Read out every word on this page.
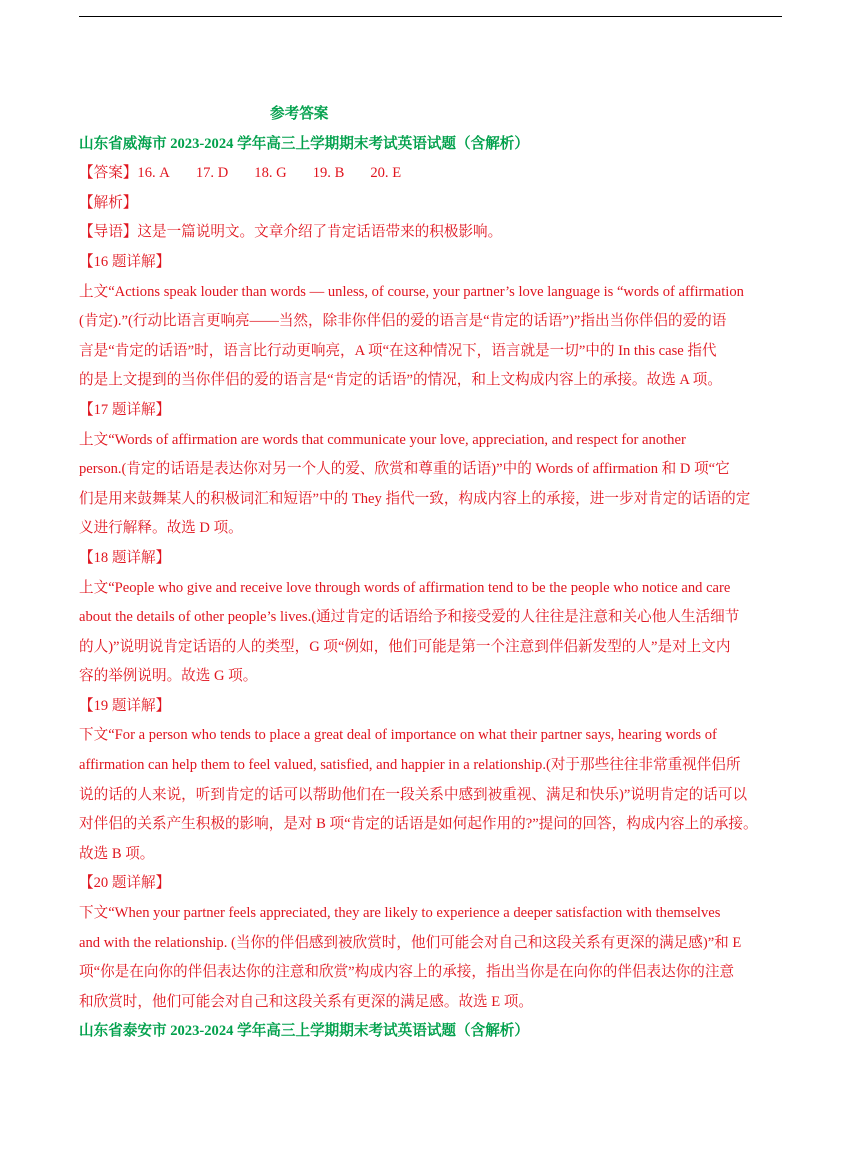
参考答案
山东省威海市 2023-2024 学年高三上学期期末考试英语试题（含解析）
【答案】16. A 17. D 18. G 19. B 20. E
【解析】
【导语】这是一篇说明文。文章介绍了肯定话语带来的积极影响。
【16 题详解】
上文“Actions speak louder than words — unless, of course, your partner’s love language is “words of affirmation
(肯定).”(行动比语言更响亮——当然，除非你伴侣的爱的语言是“肯定的话语”)”指出当你伴侣的爱的语
言是“肯定的话语”时，语言比行动更响亮，A 项“在这种情况下，语言就是一切”中的 In this case 指代
的是上文提到的当你伴侣的爱的语言是“肯定的话语”的情况，和上文构成内容上的承接。故选 A 项。
【17 题详解】
上文“Words of affirmation are words that communicate your love, appreciation, and respect for another
person.(肯定的话语是表达你对另一个人的爱、欣赏和尊重的话语)”中的 Words of affirmation 和 D 项“它
们是用来鼓舞某人的积极词汇和短语”中的 They 指代一致，构成内容上的承接，进一步对肯定的话语的定
义进行解释。故选 D 项。
【18 题详解】
上文“People who give and receive love through words of affirmation tend to be the people who notice and care
about the details of other people’s lives.(通过肯定的话语给予和接受爱的人往往是注意和关心他人生活细节
的人)”说明说肯定话语的人的类型，G 项“例如，他们可能是第一个注意到伴侣新发型的人”是对上文内
容的举例说明。故选 G 项。
【19 题详解】
下文“For a person who tends to place a great deal of importance on what their partner says, hearing words of
affirmation can help them to feel valued, satisfied, and happier in a relationship.(对于那些往往非常重视伴侣所
说的话的人来说，听到肯定的话可以帮助他们在一段关系中感到被重视、满足和快乐)”说明肯定的话可以
对伴侣的关系产生积极的影响，是对 B 项“肯定的话语是如何起作用的?”提问的回答，构成内容上的承接。
故选 B 项。
【20 题详解】
下文“When your partner feels appreciated, they are likely to experience a deeper satisfaction with themselves
and with the relationship. (当你的伴侣感到被欣赏时，他们可能会对自己和这段关系有更深的满足感)”和 E
项“你是在向你的伴侣表达你的注意和欣赏”构成内容上的承接，指出当你是在向你的伴侣表达你的注意
和欣赏时，他们可能会对自己和这段关系有更深的满足感。故选 E 项。
山东省泰安市 2023-2024 学年高三上学期期末考试英语试题（含解析）
